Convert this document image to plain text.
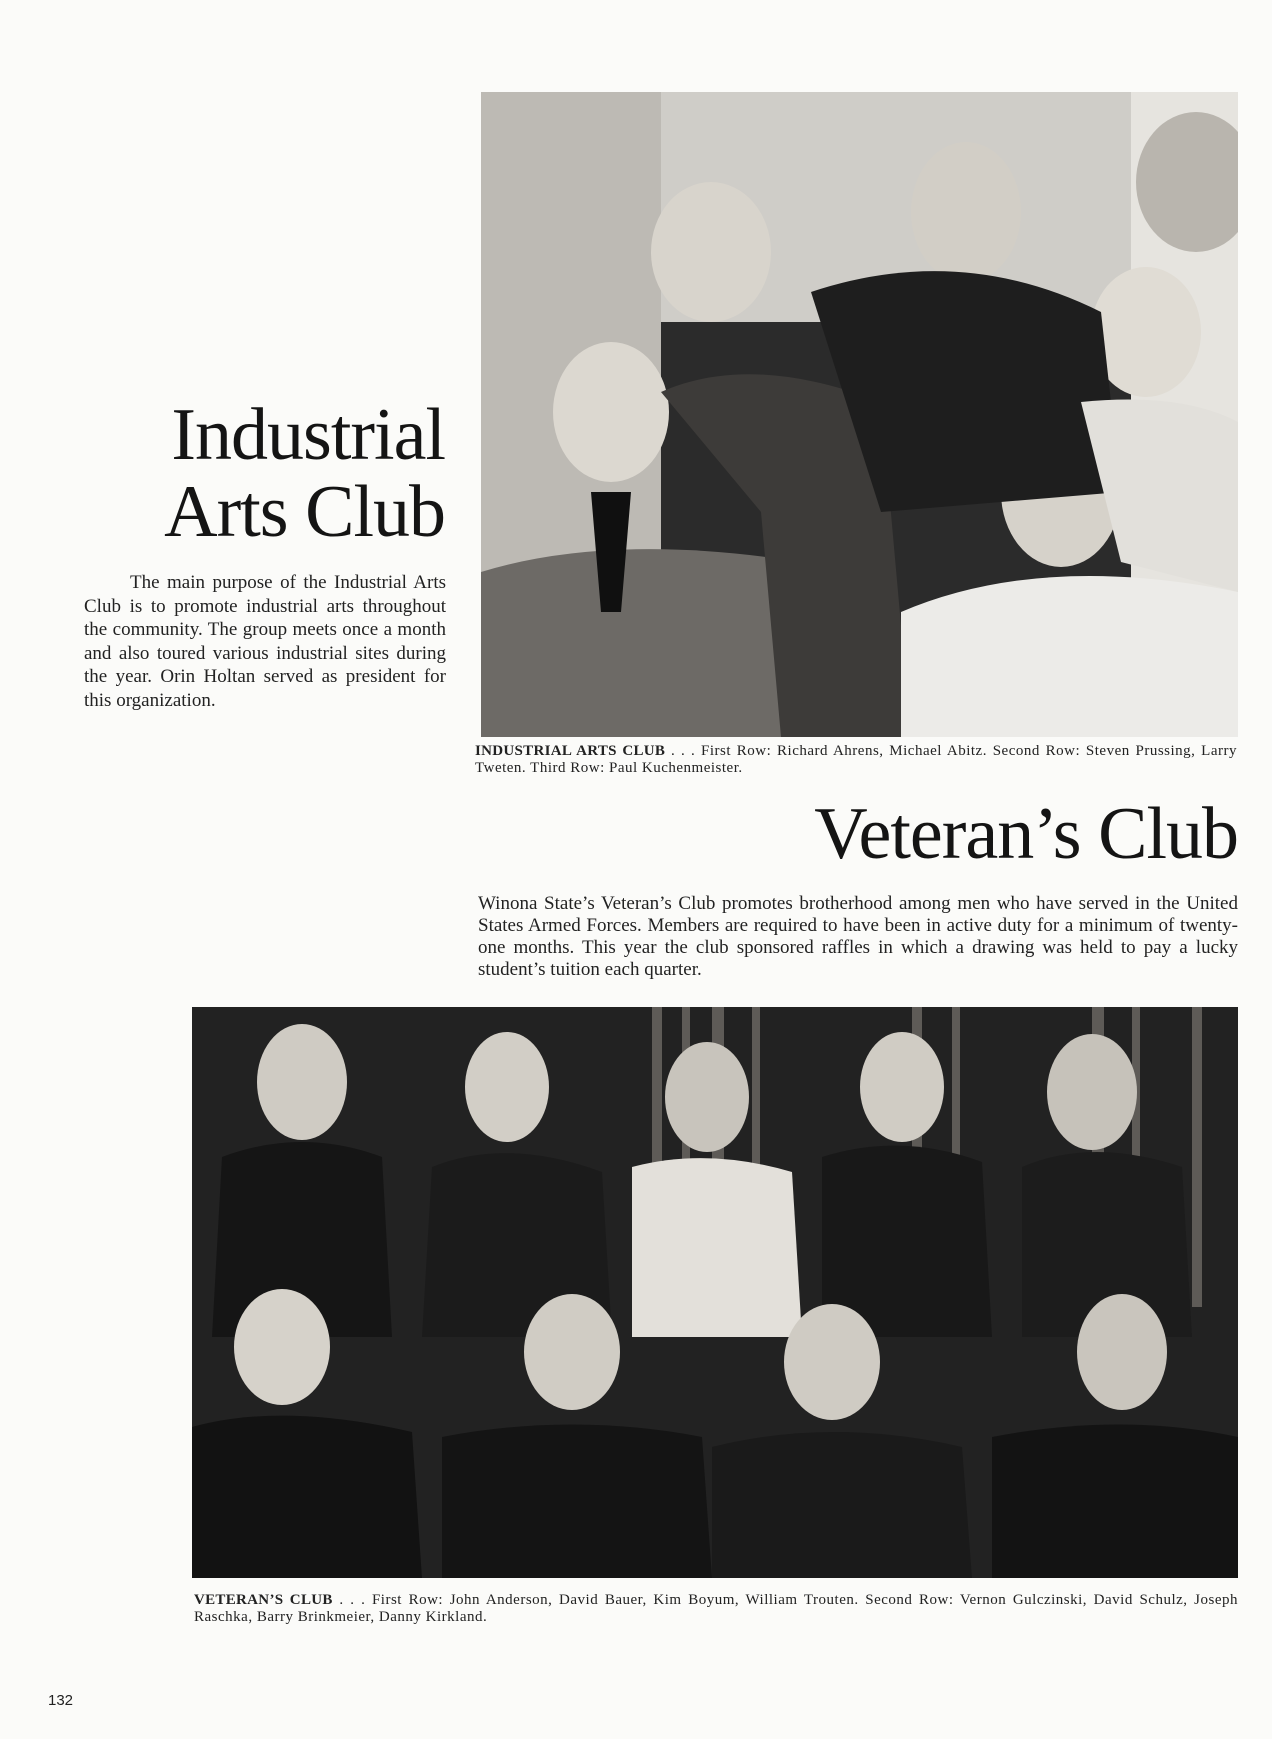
Industrial
Arts Club
The main purpose of the Industrial Arts Club is to promote industrial arts throughout the community. The group meets once a month and also toured various industrial sites during the year. Orin Holtan served as president for this organization.
INDUSTRIAL ARTS CLUB . . . First Row: Richard Ahrens, Michael Abitz. Second Row: Steven Prussing, Larry Tweten. Third Row: Paul Kuchenmeister.
Veteran’s Club
Winona State’s Veteran’s Club promotes brotherhood among men who have served in the United States Armed Forces. Members are required to have been in active duty for a minimum of twenty-one months. This year the club sponsored raffles in which a drawing was held to pay a lucky student’s tuition each quarter.
VETERAN’S CLUB . . . First Row: John Anderson, David Bauer, Kim Boyum, William Trouten. Second Row: Vernon Gulczinski, David Schulz, Joseph Raschka, Barry Brinkmeier, Danny Kirkland.
132
